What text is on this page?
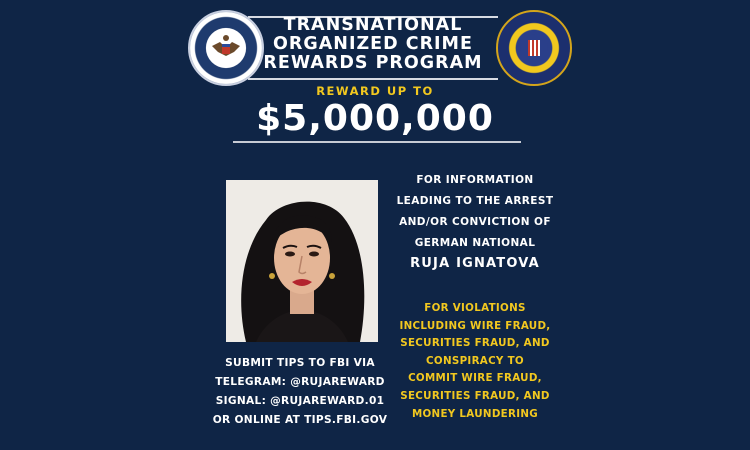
TRANSNATIONAL
ORGANIZED CRIME
REWARDS PROGRAM
REWARD UP TO
$5,000,000
FOR INFORMATION
LEADING TO THE ARREST
AND/OR CONVICTION OF
GERMAN NATIONAL
RUJA IGNATOVA
FOR VIOLATIONS
INCLUDING WIRE FRAUD,
SECURITIES FRAUD, AND
CONSPIRACY TO
COMMIT WIRE FRAUD,
SECURITIES FRAUD, AND
MONEY LAUNDERING
SUBMIT TIPS TO FBI VIA
TELEGRAM: @RUJAREWARD
SIGNAL: @RUJAREWARD.01
OR ONLINE AT TIPS.FBI.GOV
